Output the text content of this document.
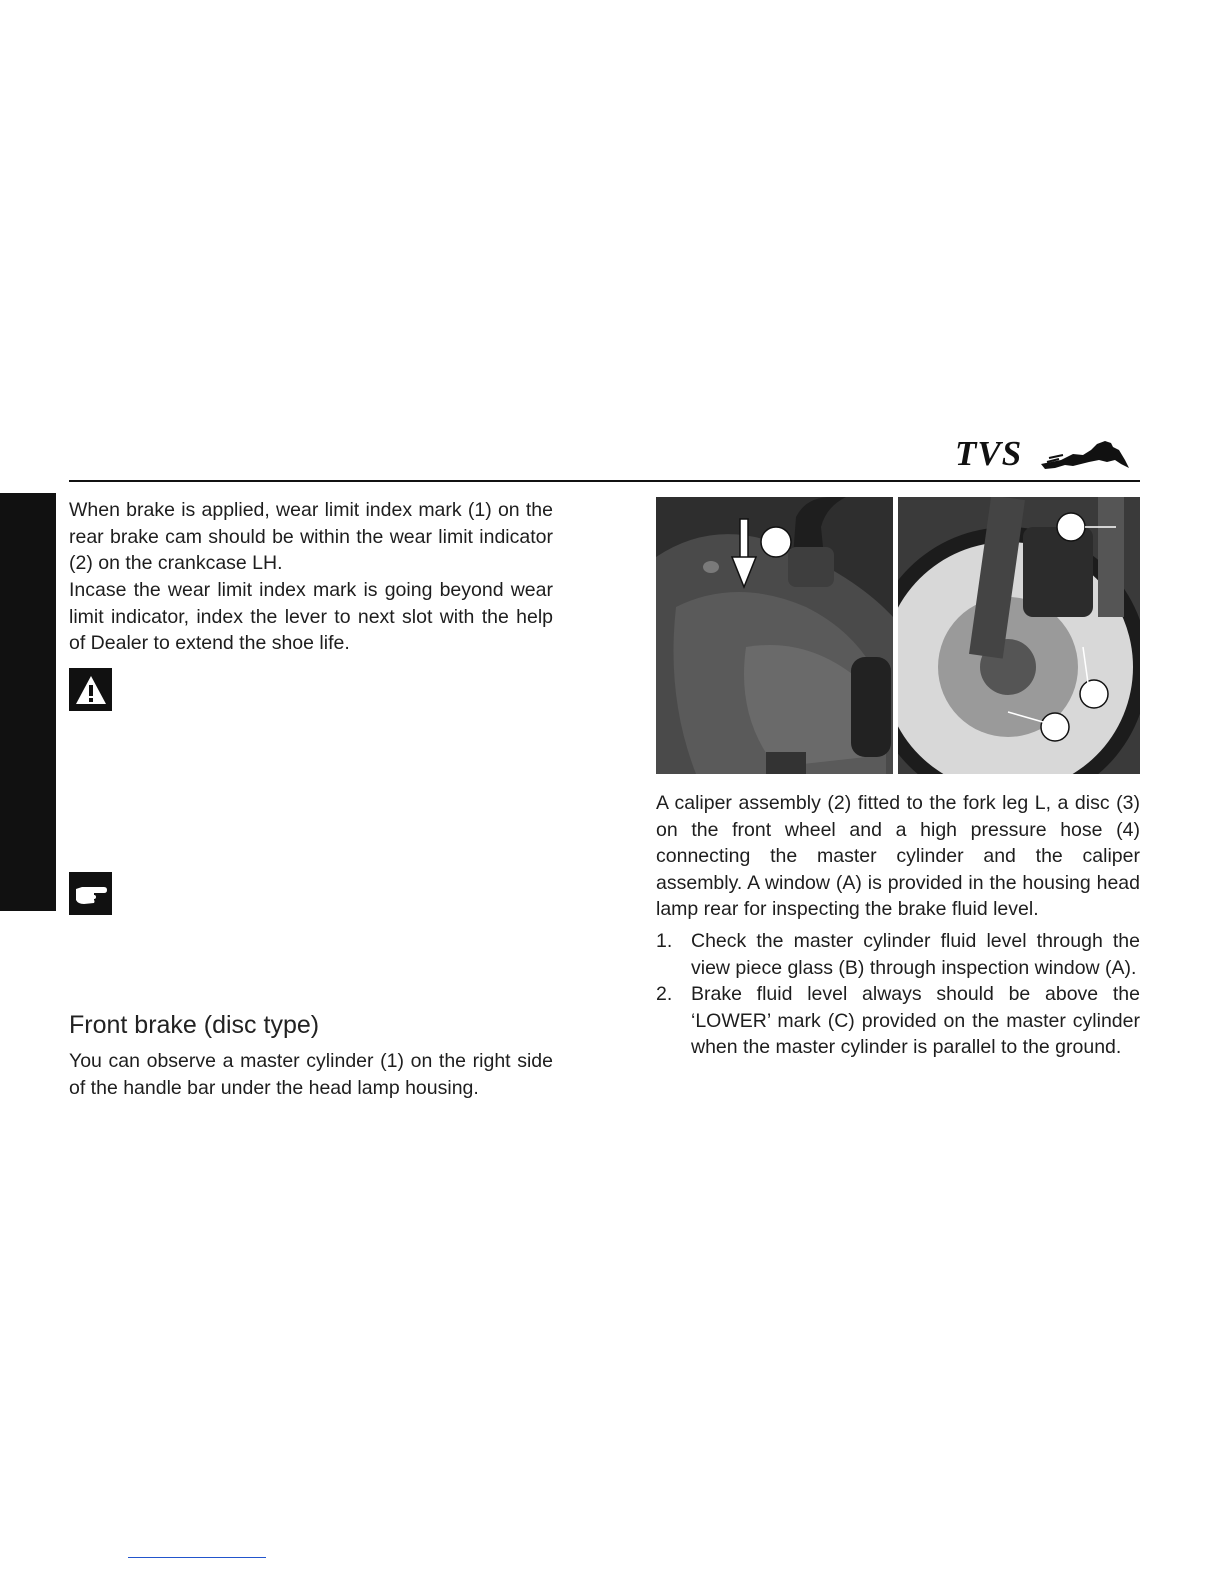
TVS
When brake is applied, wear limit index mark (1) on the rear brake cam should be within the wear limit indicator (2) on the crankcase LH.
Incase the wear limit index mark is going beyond wear limit indicator, index the lever to next slot with the help of Dealer to extend the shoe life.
Front brake (disc type)
You can observe a master cylinder (1) on the right side of the handle bar under the head lamp housing.
A caliper assembly (2) fitted to the fork leg L, a disc (3) on the front wheel and a high pressure hose (4) connecting the master cylinder and the caliper assembly. A window (A) is provided in the housing head lamp rear for inspecting the brake fluid level.
1. Check the master cylinder fluid level through the view piece glass (B) through inspection window (A).
2. Brake fluid level always should be above the ‘LOWER’ mark (C) provided on the master cylinder when the master cylinder is parallel to the ground.
